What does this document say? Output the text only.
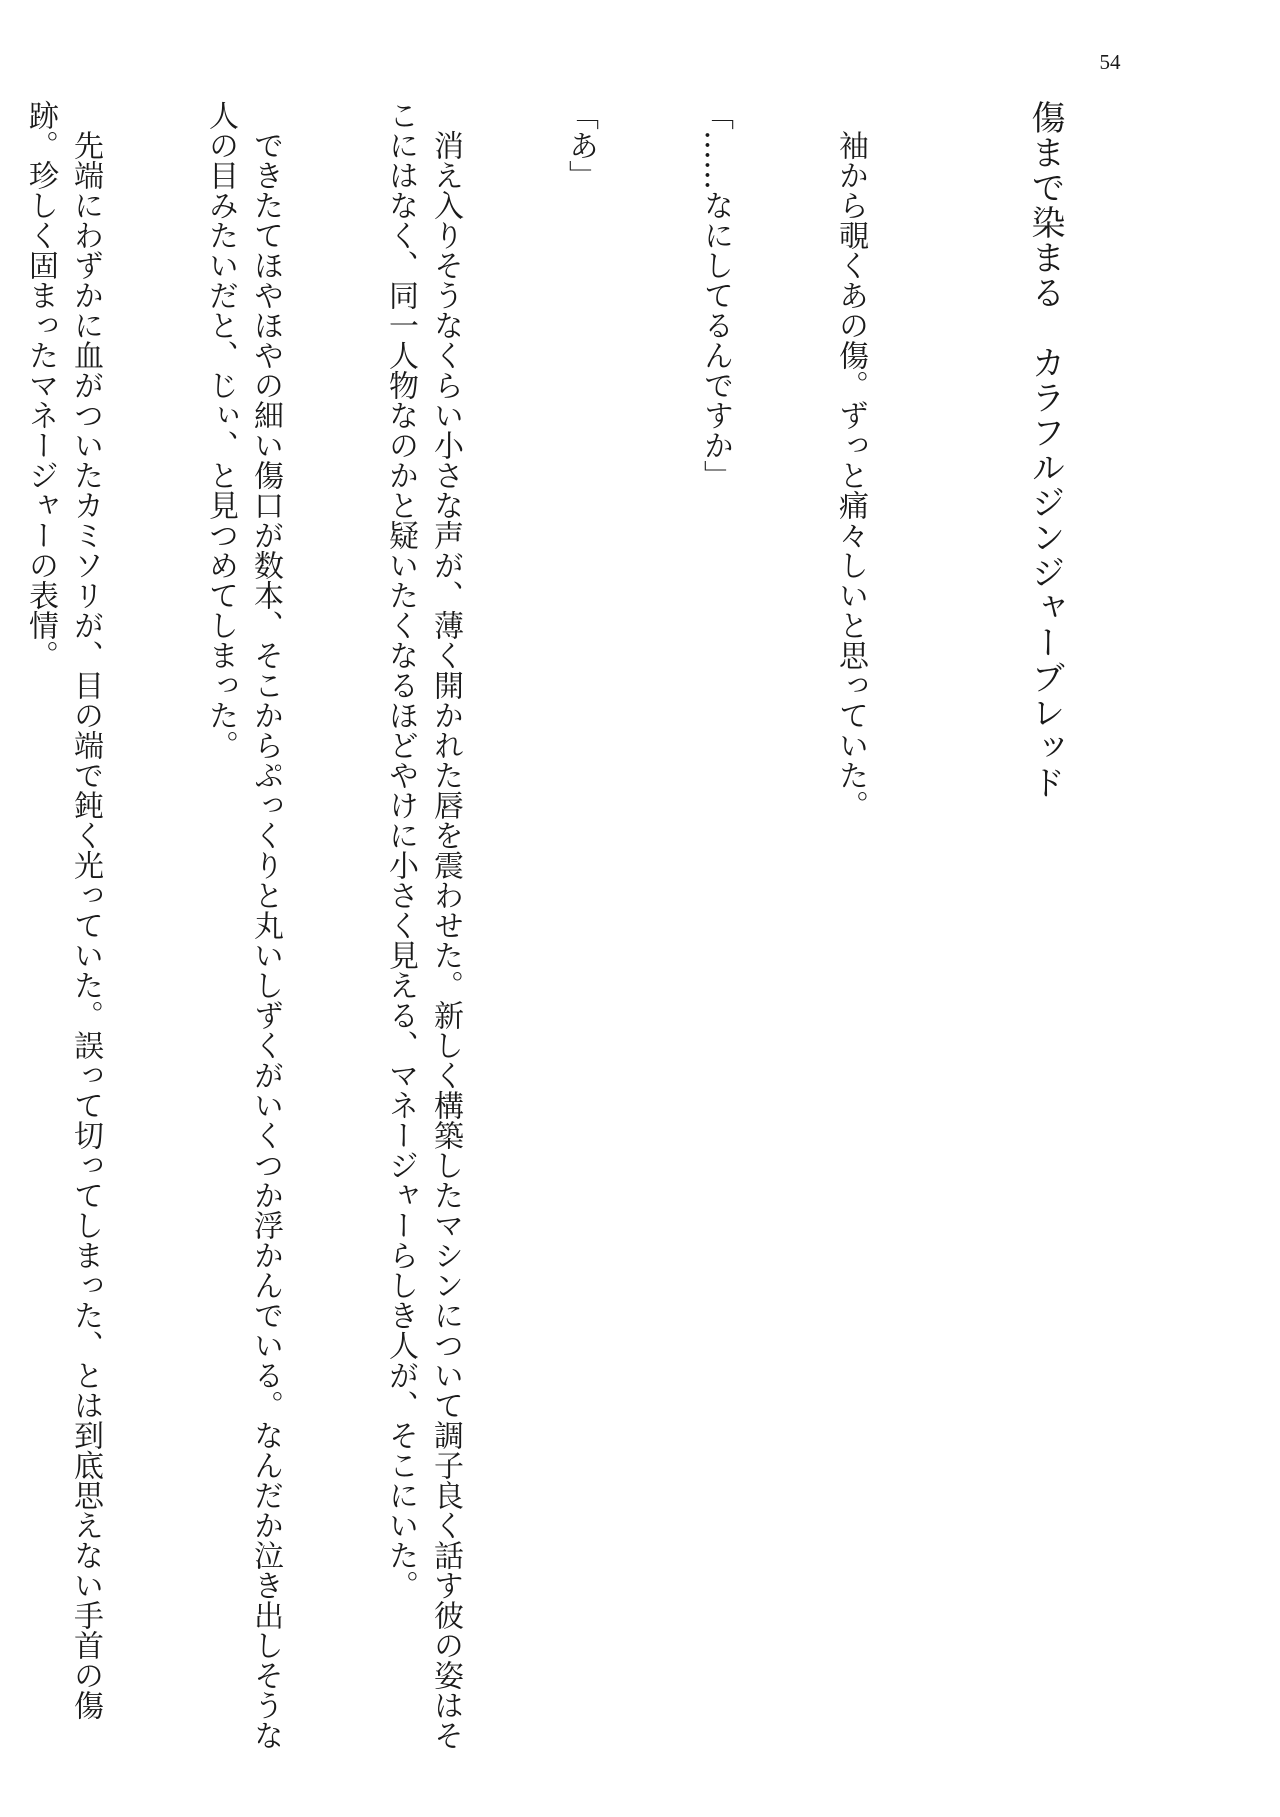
54

傷まで染まる　カラフルジンジャーブレッド

　袖から覗くあの傷。ずっと痛々しいと思っていた。

「……なにしてるんですか」

「あ」

　消え入りそうなくらい小さな声が、薄く開かれた唇を震わせた。新しく構築したマシンについて調子良く話す彼の姿はそこにはなく、同一人物なのかと疑いたくなるほどやけに小さく見える、マネージャーらしき人が、そこにいた。

　できたてほやほやの細い傷口が数本、そこからぷっくりと丸いしずくがいくつか浮かんでいる。なんだか泣き出しそうな人の目みたいだと、じぃ、と見つめてしまった。

　先端にわずかに血がついたカミソリが、目の端で鈍く光っていた。誤って切ってしまった、とは到底思えない手首の傷跡。珍しく固まったマネージャーの表情。
